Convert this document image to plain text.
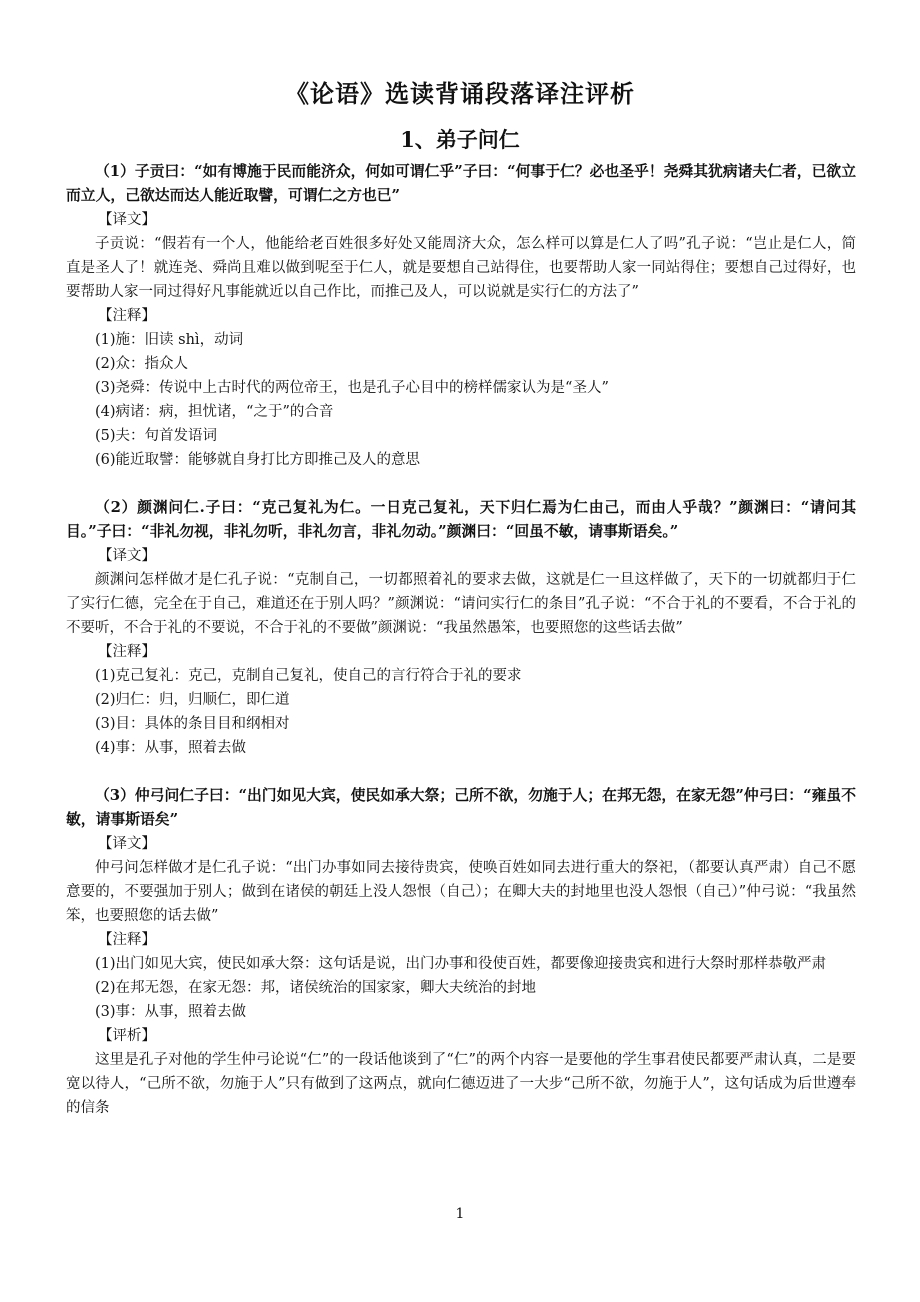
《论语》选读背诵段落译注评析
1、弟子问仁

（1）子贡曰：“如有博施于民而能济众，何如可谓仁乎”子曰：“何事于仁？必也圣乎！尧舜其犹病诸夫仁者，已欲立而立人，己欲达而达人能近取譬，可谓仁之方也已”

【译文】

子贡说：“假若有一个人，他能给老百姓很多好处又能周济大众，怎么样可以算是仁人了吗”孔子说：“岂止是仁人，简直是圣人了！就连尧、舜尚且难以做到呢至于仁人，就是要想自己站得住，也要帮助人家一同站得住；要想自己过得好，也要帮助人家一同过得好凡事能就近以自己作比，而推己及人，可以说就是实行仁的方法了”

【注释】

(1)施：旧读 shì，动词

(2)众：指众人

(3)尧舜：传说中上古时代的两位帝王，也是孔子心目中的榜样儒家认为是“圣人”

(4)病诸：病，担忧诸，“之于”的合音

(5)夫：句首发语词

(6)能近取譬：能够就自身打比方即推己及人的意思

（2）颜渊问仁.子曰：“克己复礼为仁。一日克己复礼，天下归仁焉为仁由己，而由人乎哉？”颜渊曰：“请问其目。”子曰：“非礼勿视，非礼勿听，非礼勿言，非礼勿动。”颜渊曰：“回虽不敏，请事斯语矣。”

【译文】

颜渊问怎样做才是仁孔子说：“克制自己，一切都照着礼的要求去做，这就是仁一旦这样做了，天下的一切就都归于仁了实行仁德，完全在于自己，难道还在于别人吗？”颜渊说：“请问实行仁的条目”孔子说：“不合于礼的不要看，不合于礼的不要听，不合于礼的不要说，不合于礼的不要做”颜渊说：“我虽然愚笨，也要照您的这些话去做”

【注释】

(1)克己复礼：克己，克制自己复礼，使自己的言行符合于礼的要求

(2)归仁：归，归顺仁，即仁道

(3)目：具体的条目目和纲相对

(4)事：从事，照着去做

（3）仲弓问仁子曰：“出门如见大宾，使民如承大祭；己所不欲，勿施于人；在邦无怨，在家无怨”仲弓曰：“雍虽不敏，请事斯语矣”

【译文】

仲弓问怎样做才是仁孔子说：“出门办事如同去接待贵宾，使唤百姓如同去进行重大的祭祀，（都要认真严肃）自己不愿意要的，不要强加于别人；做到在诸侯的朝廷上没人怨恨（自己）；在卿大夫的封地里也没人怨恨（自己）”仲弓说：“我虽然笨，也要照您的话去做”

【注释】

(1)出门如见大宾，使民如承大祭：这句话是说，出门办事和役使百姓，都要像迎接贵宾和进行大祭时那样恭敬严肃

(2)在邦无怨，在家无怨：邦，诸侯统治的国家家，卿大夫统治的封地

(3)事：从事，照着去做

【评析】

这里是孔子对他的学生仲弓论说“仁”的一段话他谈到了“仁”的两个内容一是要他的学生事君使民都要严肃认真，二是要宽以待人，“己所不欲，勿施于人”只有做到了这两点，就向仁德迈进了一大步“己所不欲，勿施于人”，这句话成为后世遵奉的信条

1
